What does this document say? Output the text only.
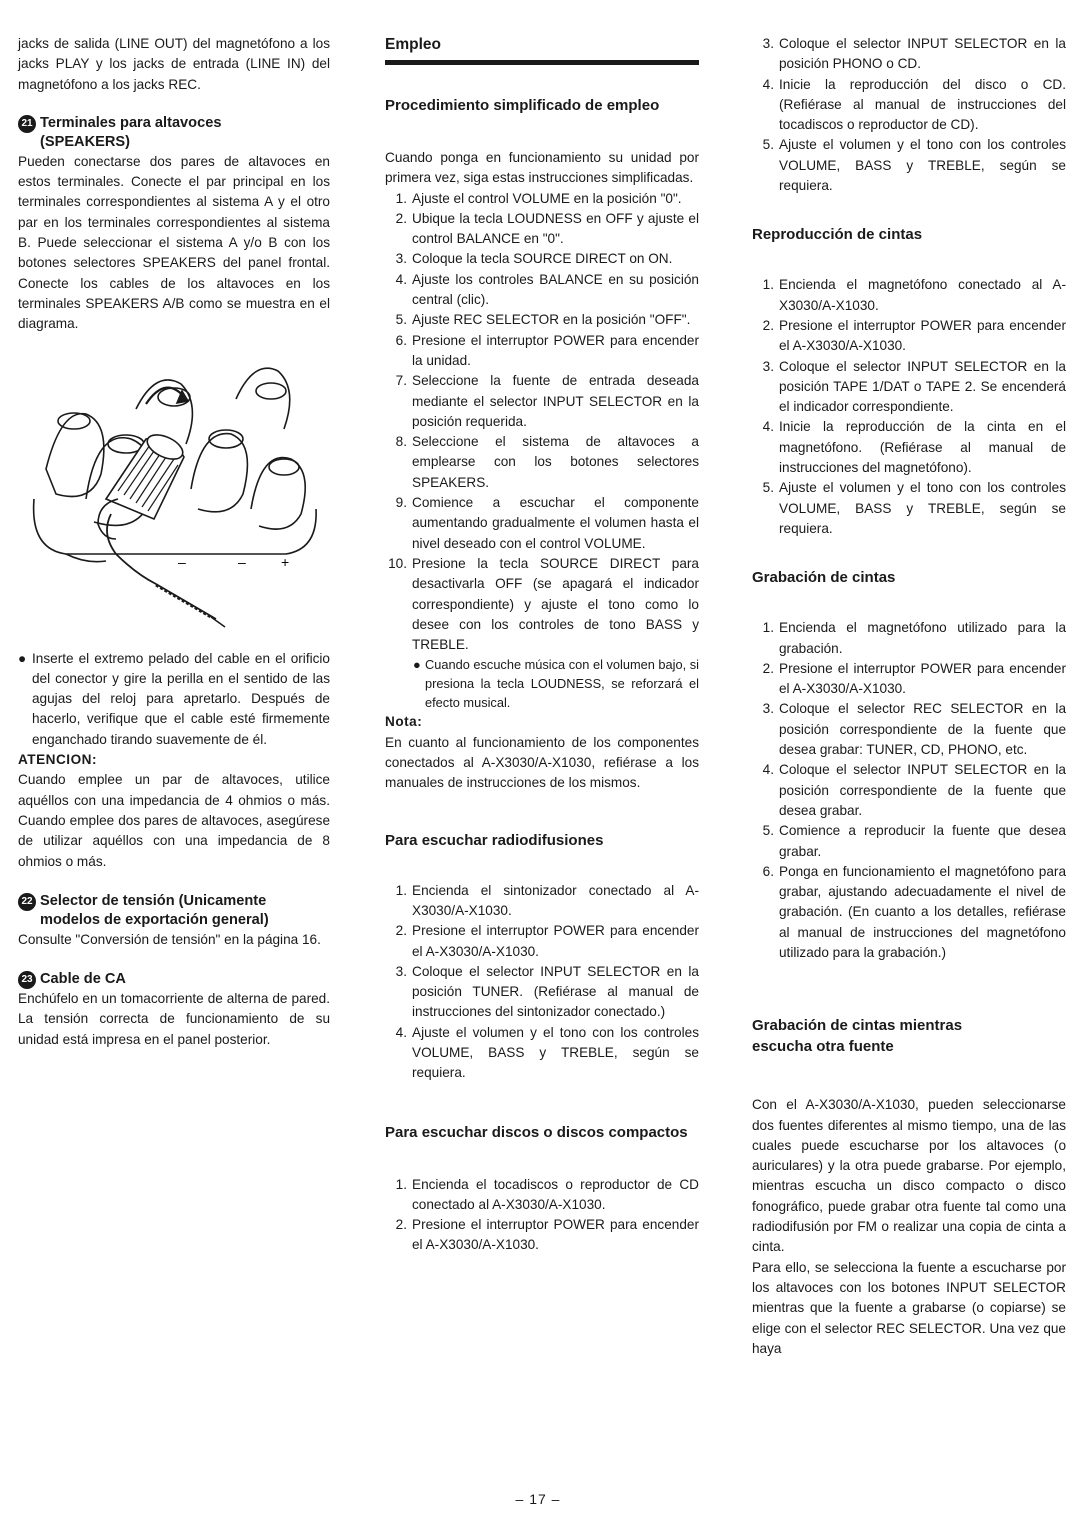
jacks de salida (LINE OUT) del magnetófono a los jacks PLAY y los jacks de entrada (LINE IN) del magnetófono a los jacks REC.

21 Terminales para altavoces
(SPEAKERS)

Pueden conectarse dos pares de altavoces en estos terminales. Conecte el par principal en los terminales correspondientes al sistema A y el otro par en los terminales correspondientes al sistema B. Puede seleccionar el sistema A y/o B con los botones selectores SPEAKERS del panel frontal. Conecte los cables de los altavoces en los terminales SPEAKERS A/B como se muestra en el diagrama.

–	–	+
● Inserte el extremo pelado del cable en el orificio del conector y gire la perilla en el sentido de las agujas del reloj para apretarlo. Después de hacerlo, verifique que el cable esté firmemente enganchado tirando suavemente de él.

ATENCION:

Cuando emplee un par de altavoces, utilice aquéllos con una impedancia de 4 ohmios o más. Cuando emplee dos pares de altavoces, asegúrese de utilizar aquéllos con una impedancia de 8 ohmios o más.

22 Selector de tensión (Unicamente
modelos de exportación general)

Consulte "Conversión de tensión" en la página 16.

23 Cable de CA

Enchúfelo en un tomacorriente de alterna de pared. La tensión correcta de funcionamiento de su unidad está impresa en el panel posterior.

Empleo
Procedimiento simplificado de empleo

Cuando ponga en funcionamiento su unidad por primera vez, siga estas instrucciones simplificadas.

1. Ajuste el control VOLUME en la posición "0".
2. Ubique la tecla LOUDNESS en OFF y ajuste el control BALANCE en "0".
3. Coloque la tecla SOURCE DIRECT on ON.
4. Ajuste los controles BALANCE en su posición central (clic).
5. Ajuste REC SELECTOR en la posición "OFF".
6. Presione el interruptor POWER para encender la unidad.
7. Seleccione la fuente de entrada deseada mediante el selector INPUT SELECTOR en la posición requerida.
8. Seleccione el sistema de altavoces a emplearse con los botones selectores SPEAKERS.
9. Comience a escuchar el componente aumentando gradualmente el volumen hasta el nivel deseado con el control VOLUME.
10. Presione la tecla SOURCE DIRECT para desactivarla OFF (se apagará el indicador correspondiente) y ajuste el tono como lo desee con los controles de tono BASS y TREBLE.
● Cuando escuche música con el volumen bajo, si presiona la tecla LOUDNESS, se reforzará el efecto musical.

Nota:

En cuanto al funcionamiento de los componentes conectados al A-X3030/A-X1030, refiérase a los manuales de instrucciones de los mismos.

Para escuchar radiodifusiones
1. Encienda el sintonizador conectado al A-X3030/A-X1030.
2. Presione el interruptor POWER para encender el A-X3030/A-X1030.
3. Coloque el selector INPUT SELECTOR en la posición TUNER. (Refiérase al manual de instrucciones del sintonizador conectado.)
4. Ajuste el volumen y el tono con los controles VOLUME, BASS y TREBLE, según se requiera.
Para escuchar discos o discos compactos
1. Encienda el tocadiscos o reproductor de CD conectado al A-X3030/A-X1030.
2. Presione el interruptor POWER para encender el A-X3030/A-X1030.
3. Coloque el selector INPUT SELECTOR en la posición PHONO o CD.
4. Inicie la reproducción del disco o CD. (Refiérase al manual de instrucciones del tocadiscos o reproductor de CD).
5. Ajuste el volumen y el tono con los controles VOLUME, BASS y TREBLE, según se requiera.
Reproducción de cintas
1. Encienda el magnetófono conectado al A-X3030/A-X1030.
2. Presione el interruptor POWER para encender el A-X3030/A-X1030.
3. Coloque el selector INPUT SELECTOR en la posición TAPE 1/DAT o TAPE 2. Se encenderá el indicador correspondiente.
4. Inicie la reproducción de la cinta en el magnetófono. (Refiérase al manual de instrucciones del magnetófono).
5. Ajuste el volumen y el tono con los controles VOLUME, BASS y TREBLE, según se requiera.
Grabación de cintas
1. Encienda el magnetófono utilizado para la grabación.
2. Presione el interruptor POWER para encender el A-X3030/A-X1030.
3. Coloque el selector REC SELECTOR en la posición correspondiente de la fuente que desea grabar: TUNER, CD, PHONO, etc.
4. Coloque el selector INPUT SELECTOR en la posición correspondiente de la fuente que desea grabar.
5. Comience a reproducir la fuente que desea grabar.
6. Ponga en funcionamiento el magnetófono para grabar, ajustando adecuadamente el nivel de grabación. (En cuanto a los detalles, refiérase al manual de instrucciones del magnetófono utilizado para la grabación.)
Grabación de cintas mientras
escucha otra fuente

Con el A-X3030/A-X1030, pueden seleccionarse dos fuentes diferentes al mismo tiempo, una de las cuales puede escucharse por los altavoces (o auriculares) y la otra puede grabarse. Por ejemplo, mientras escucha un disco compacto o disco fonográfico, puede grabar otra fuente tal como una radiodifusión por FM o realizar una copia de cinta a cinta.

Para ello, se selecciona la fuente a escucharse por los altavoces con los botones INPUT SELECTOR mientras que la fuente a grabarse (o copiarse) se elige con el selector REC SELECTOR. Una vez que haya

– 17 –
